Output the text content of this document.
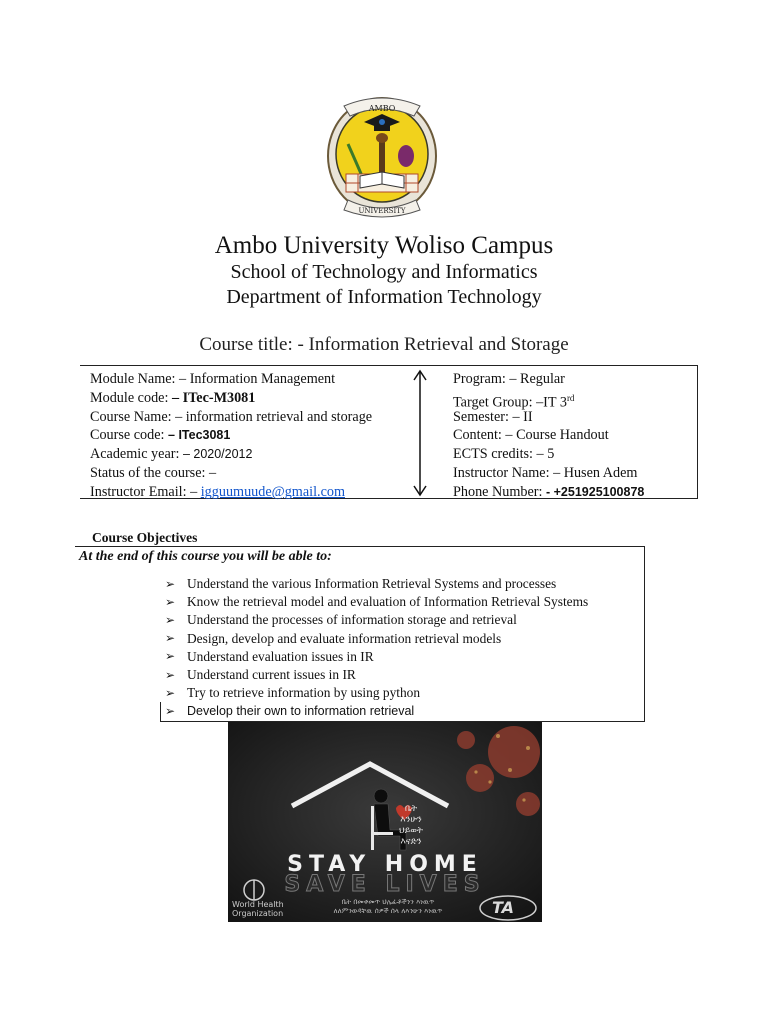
AMBO
UNIVERSITY
Ambo University Woliso Campus
School of Technology and Informatics
Department of Information Technology
Course title: - Information Retrieval and Storage
Module Name: – Information Management
Module code: – ITec-M3081
Course Name: – information retrieval and storage
Course code: – ITec3081
Academic year: – 2020/2012
Status of the course: –
Instructor Email: – igguumuude@gmail.com
Program: – Regular
Target Group: –IT 3rd
Semester: – II
Content: – Course Handout
ECTS credits: – 5
Instructor Name: – Husen Adem
Phone Number: - +251925100878
Course Objectives
At the end of this course you will be able to:
➢ Understand the various Information Retrieval Systems and processes
➢ Know the retrieval model and evaluation of Information Retrieval Systems
➢ Understand the processes of information storage and retrieval
➢ Design, develop and evaluate information retrieval models
➢ Understand evaluation issues in IR
➢ Understand current issues in IR
➢ Try to retrieve information by using python
➢ Develop their own to information retrieval
ቤት
እንሁን
ህይወት
እናድን
STAY HOME
SAVE LIVES
ቤት በመቀመጥ ህሌፊቶችንን እነዉጥ
ለለምንወዳቸዉ ሰዎች ሰላ ለእንሁን እነዉጥ
World Health Organization	TA
